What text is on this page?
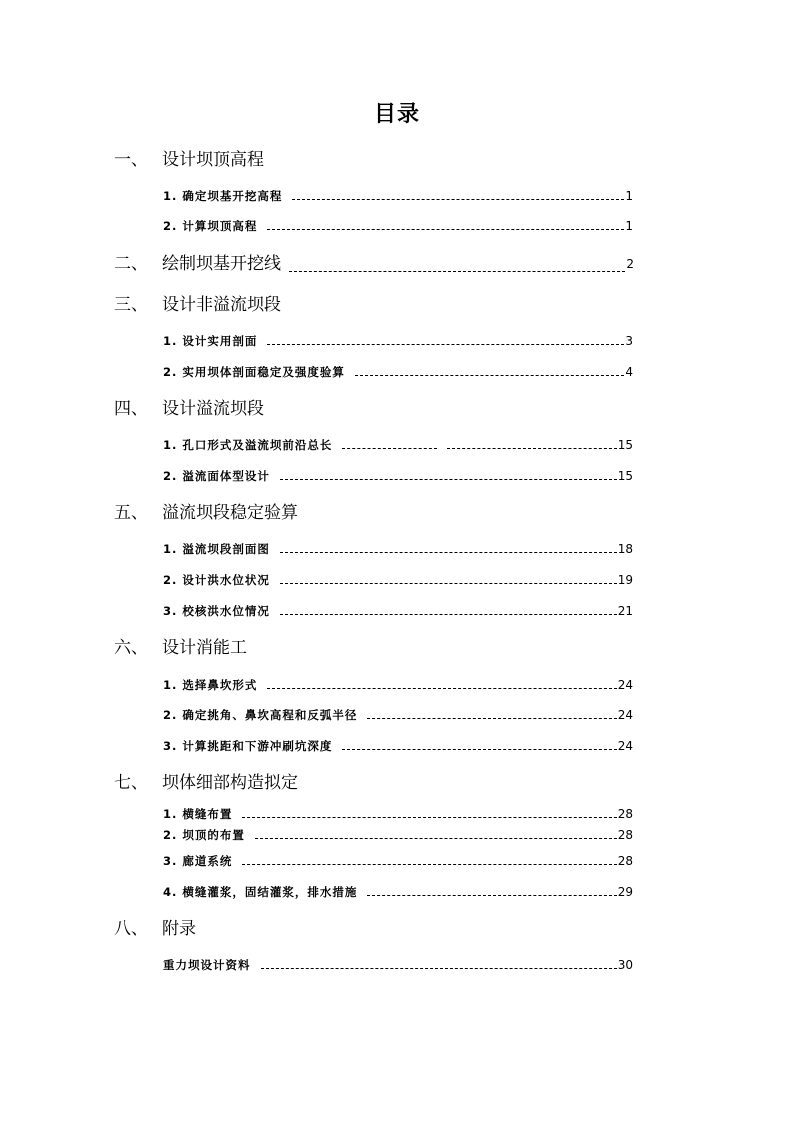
目录
一、 设计坝顶高程
1. 确定坝基开挖高程	1
2. 计算坝顶高程	1
二、 绘制坝基开挖线	2
三、 设计非溢流坝段
1. 设计实用剖面	3
2. 实用坝体剖面稳定及强度验算	4
四、 设计溢流坝段
1. 孔口形式及溢流坝前沿总长	15
2. 溢流面体型设计	15
五、 溢流坝段稳定验算
1. 溢流坝段剖面图	18
2. 设计洪水位状况	19
3. 校核洪水位情况	21
六、 设计消能工
1. 选择鼻坎形式	24
2. 确定挑角、鼻坎高程和反弧半径	24
3. 计算挑距和下游冲刷坑深度	24
七、 坝体细部构造拟定
1. 横缝布置	28
2. 坝顶的布置	28
3. 廊道系统	28
4. 横缝灌浆，固结灌浆，排水措施	29
八、 附录
重力坝设计资料	30
